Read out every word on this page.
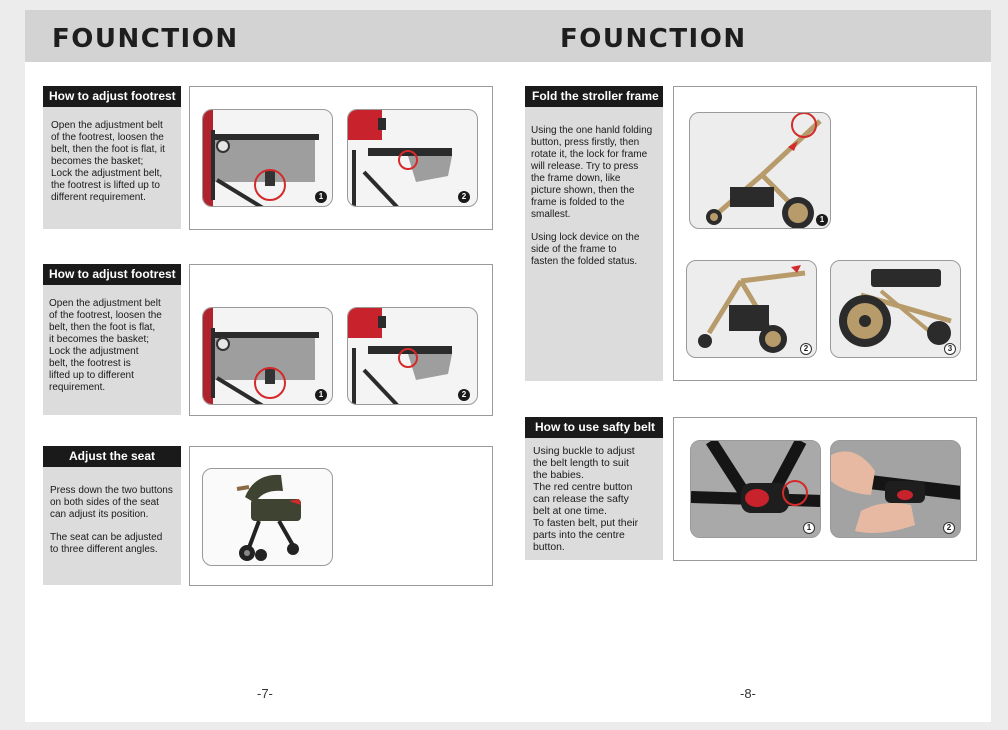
FOUNCTION	FOUNCTION
How to adjust footrest
Open the adjustment belt
of the footrest, loosen the
belt, then the foot is flat, it
becomes the basket;
Lock the adjustment belt,
the footrest is lifted up to
different requirement.	1	2
How to adjust footrest
Open the adjustment belt
of the footrest, loosen the
belt, then the foot is flat,
it becomes the basket;
Lock the adjustment
belt, the footrest is
lifted up to different
requirement.
1	2
Adjust the seat

Press down the two buttons
on both sides of the seat
can adjust its position.

The seat can be adjusted
to three different angles.

Fold the stroller frame

Using the one hanld folding
button, press firstly, then
rotate it, the lock for frame
will release. Try to press
the frame down, like
picture shown, then the
frame is folded to the
smallest.

Using lock device on the
side of the frame to
fasten the folded status.

1
2	3
How to use safty belt
Using buckle to adjust
the belt length to suit
the babies.
The red centre button
can release the safty
belt at one time.
To fasten belt, put their
parts into the centre
button.
1	2
-7-	-8-
